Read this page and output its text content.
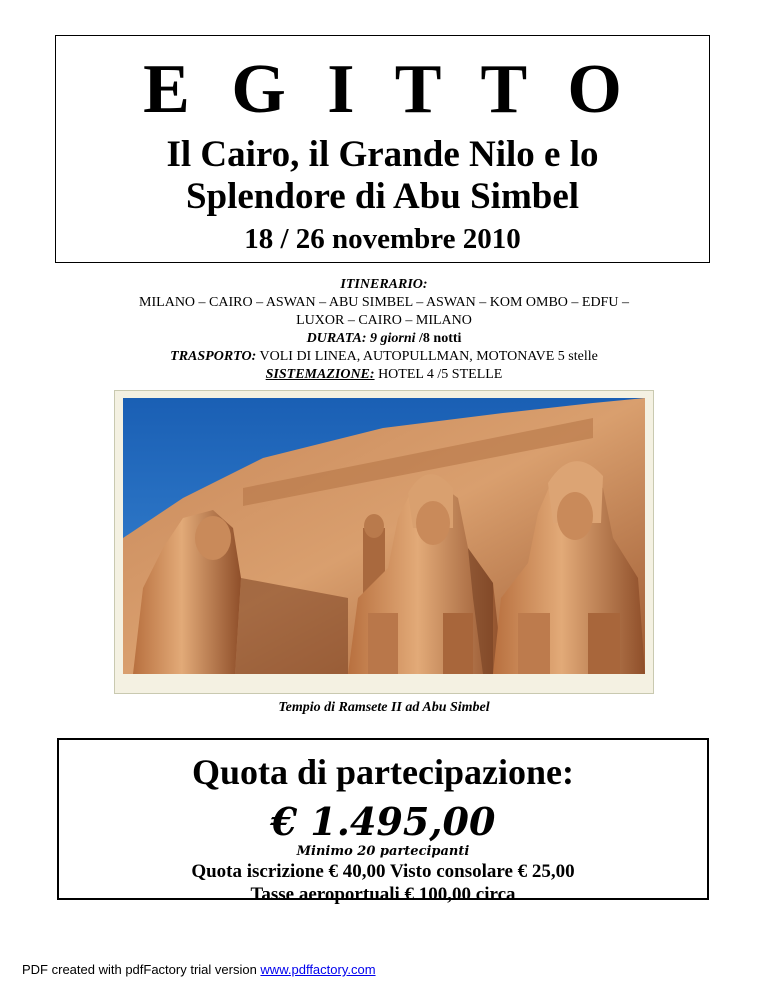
E G I T T O
Il Cairo, il Grande Nilo e lo
Splendore di Abu Simbel
18 / 26 novembre 2010
ITINERARIO:
MILANO – CAIRO – ASWAN – ABU SIMBEL – ASWAN – KOM OMBO – EDFU –
LUXOR – CAIRO – MILANO
DURATA: 9 giorni /8 notti
TRASPORTO: VOLI DI LINEA, AUTOPULLMAN, MOTONAVE 5 stelle
SISTEMAZIONE: HOTEL 4 /5 STELLE
Tempio di Ramsete II ad Abu Simbel
Quota di partecipazione:
€ 1.495,00
Minimo 20 partecipanti
Quota iscrizione € 40,00 Visto consolare € 25,00
Tasse aeroportuali € 100,00 circa
PDF created with pdfFactory trial version www.pdffactory.com
